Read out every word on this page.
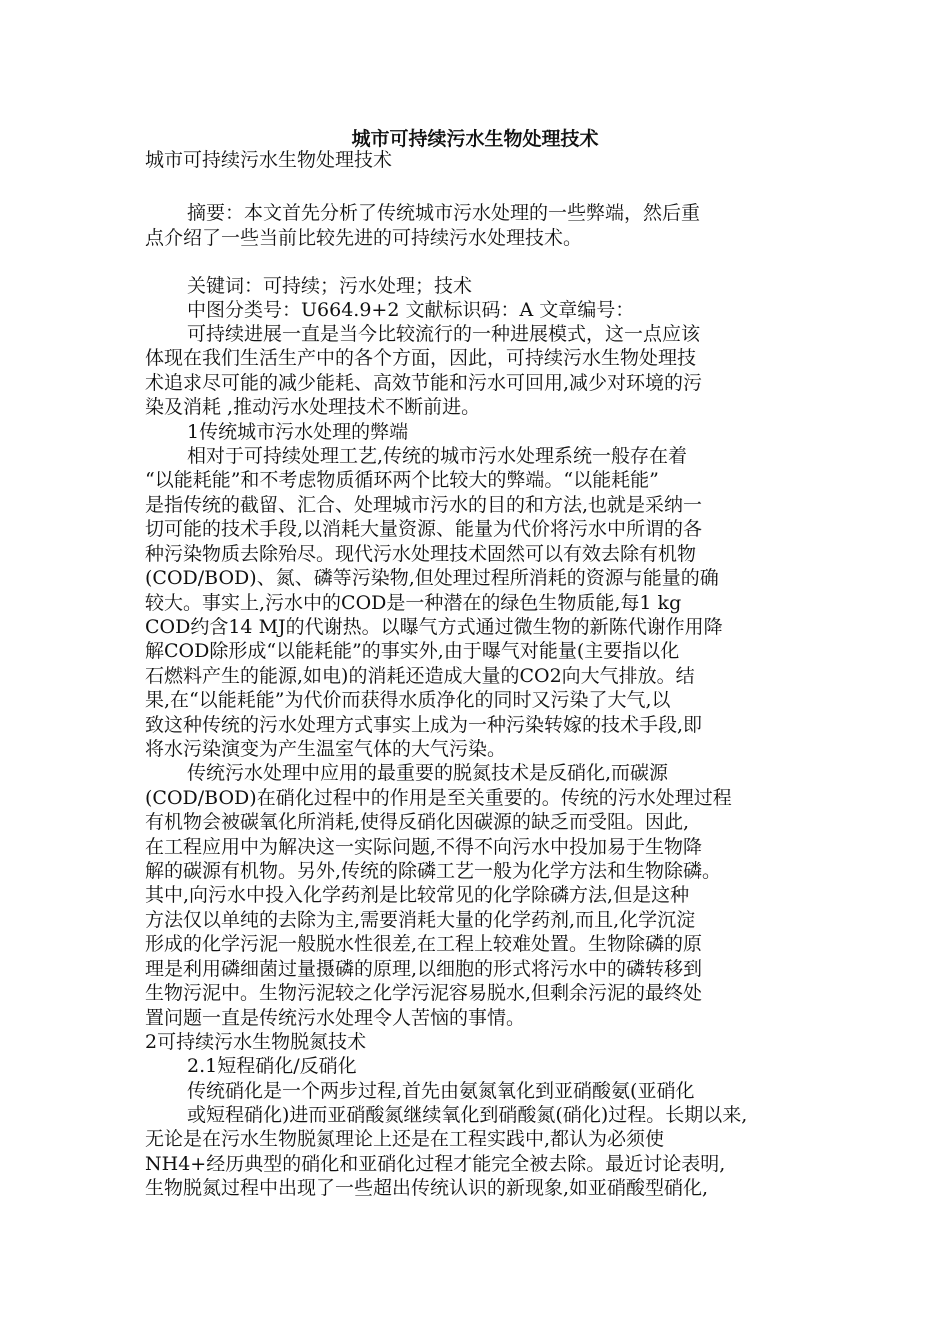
城市可持续污水生物处理技术
城市可持续污水生物处理技术
摘要：本文首先分析了传统城市污水处理的一些弊端，然后重
点介绍了一些当前比较先进的可持续污水处理技术。
关键词：可持续；污水处理；技术
中图分类号：U664.9+2 文献标识码：A 文章编号：
可持续进展一直是当今比较流行的一种进展模式，这一点应该
体现在我们生活生产中的各个方面，因此，可持续污水生物处理技
术追求尽可能的减少能耗、高效节能和污水可回用,减少对环境的污
染及消耗 ,推动污水处理技术不断前进。
1传统城市污水处理的弊端
相对于可持续处理工艺,传统的城市污水处理系统一般存在着
“以能耗能”和不考虑物质循环两个比较大的弊端。“以能耗能”
是指传统的截留、汇合、处理城市污水的目的和方法,也就是采纳一
切可能的技术手段,以消耗大量资源、能量为代价将污水中所谓的各
种污染物质去除殆尽。现代污水处理技术固然可以有效去除有机物
(COD/BOD)、氮、磷等污染物,但处理过程所消耗的资源与能量的确
较大。事实上,污水中的COD是一种潜在的绿色生物质能,每1 kg
COD约含14 MJ的代谢热。以曝气方式通过微生物的新陈代谢作用降
解COD除形成“以能耗能”的事实外,由于曝气对能量(主要指以化
石燃料产生的能源,如电)的消耗还造成大量的CO2向大气排放。结
果,在“以能耗能”为代价而获得水质净化的同时又污染了大气,以
致这种传统的污水处理方式事实上成为一种污染转嫁的技术手段,即
将水污染演变为产生温室气体的大气污染。
传统污水处理中应用的最重要的脱氮技术是反硝化,而碳源
(COD/BOD)在硝化过程中的作用是至关重要的。传统的污水处理过程
有机物会被碳氧化所消耗,使得反硝化因碳源的缺乏而受阻。因此,
在工程应用中为解决这一实际问题,不得不向污水中投加易于生物降
解的碳源有机物。另外,传统的除磷工艺一般为化学方法和生物除磷。
其中,向污水中投入化学药剂是比较常见的化学除磷方法,但是这种
方法仅以单纯的去除为主,需要消耗大量的化学药剂,而且,化学沉淀
形成的化学污泥一般脱水性很差,在工程上较难处置。生物除磷的原
理是利用磷细菌过量摄磷的原理,以细胞的形式将污水中的磷转移到
生物污泥中。生物污泥较之化学污泥容易脱水,但剩余污泥的最终处
置问题一直是传统污水处理令人苦恼的事情。
2可持续污水生物脱氮技术
2.1短程硝化/反硝化
传统硝化是一个两步过程,首先由氨氮氧化到亚硝酸氨(亚硝化
或短程硝化)进而亚硝酸氮继续氧化到硝酸氮(硝化)过程。长期以来,
无论是在污水生物脱氮理论上还是在工程实践中,都认为必须使
NH4+经历典型的硝化和亚硝化过程才能完全被去除。最近讨论表明,
生物脱氮过程中出现了一些超出传统认识的新现象,如亚硝酸型硝化,
